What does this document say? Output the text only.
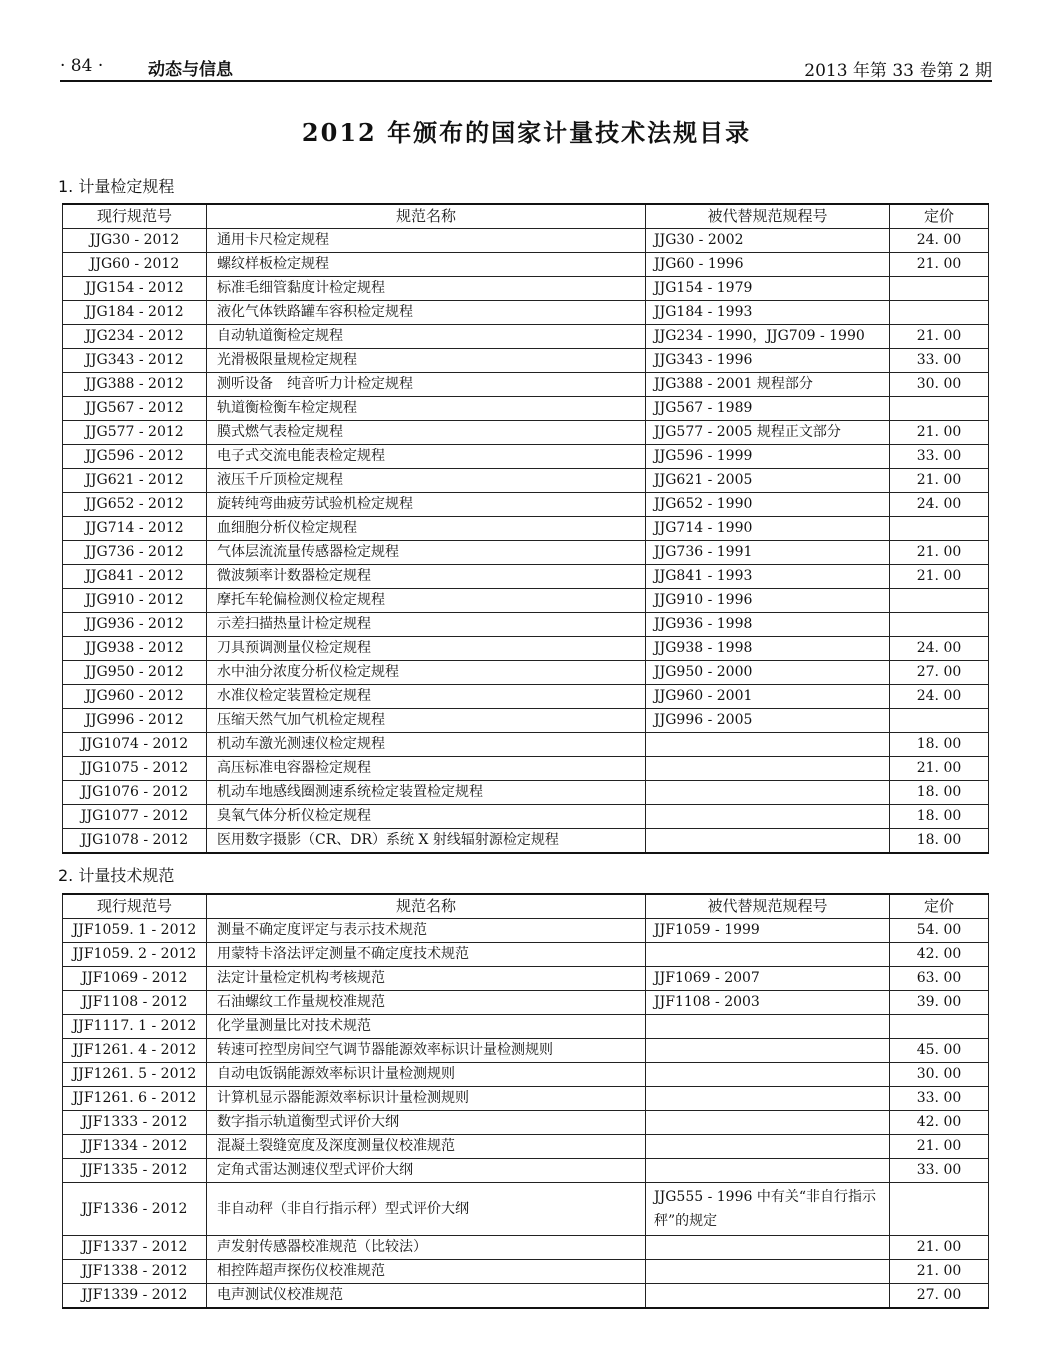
· 84 ·	动态与信息	2013 年第 33 卷第 2 期
2012 年颁布的国家计量技术法规目录
1. 计量检定规程
现行规范号	规范名称	被代替规范规程号	定价
JJG30 - 2012	通用卡尺检定规程	JJG30 - 2002	24. 00
JJG60 - 2012	螺纹样板检定规程	JJG60 - 1996	21. 00
JJG154 - 2012	标准毛细管黏度计检定规程	JJG154 - 1979	
JJG184 - 2012	液化气体铁路罐车容积检定规程	JJG184 - 1993	
JJG234 - 2012	自动轨道衡检定规程	JJG234 - 1990，JJG709 - 1990	21. 00
JJG343 - 2012	光滑极限量规检定规程	JJG343 - 1996	33. 00
JJG388 - 2012	测听设备　纯音听力计检定规程	JJG388 - 2001 规程部分	30. 00
JJG567 - 2012	轨道衡检衡车检定规程	JJG567 - 1989	
JJG577 - 2012	膜式燃气表检定规程	JJG577 - 2005 规程正文部分	21. 00
JJG596 - 2012	电子式交流电能表检定规程	JJG596 - 1999	33. 00
JJG621 - 2012	液压千斤顶检定规程	JJG621 - 2005	21. 00
JJG652 - 2012	旋转纯弯曲疲劳试验机检定规程	JJG652 - 1990	24. 00
JJG714 - 2012	血细胞分析仪检定规程	JJG714 - 1990	
JJG736 - 2012	气体层流流量传感器检定规程	JJG736 - 1991	21. 00
JJG841 - 2012	微波频率计数器检定规程	JJG841 - 1993	21. 00
JJG910 - 2012	摩托车轮偏检测仪检定规程	JJG910 - 1996	
JJG936 - 2012	示差扫描热量计检定规程	JJG936 - 1998	
JJG938 - 2012	刀具预调测量仪检定规程	JJG938 - 1998	24. 00
JJG950 - 2012	水中油分浓度分析仪检定规程	JJG950 - 2000	27. 00
JJG960 - 2012	水准仪检定装置检定规程	JJG960 - 2001	24. 00
JJG996 - 2012	压缩天然气加气机检定规程	JJG996 - 2005	
JJG1074 - 2012	机动车激光测速仪检定规程		18. 00
JJG1075 - 2012	高压标准电容器检定规程		21. 00
JJG1076 - 2012	机动车地感线圈测速系统检定装置检定规程		18. 00
JJG1077 - 2012	臭氧气体分析仪检定规程		18. 00
JJG1078 - 2012	医用数字摄影（CR、DR）系统 X 射线辐射源检定规程		18. 00
2. 计量技术规范
现行规范号	规范名称	被代替规范规程号	定价
JJF1059. 1 - 2012	测量不确定度评定与表示技术规范	JJF1059 - 1999	54. 00
JJF1059. 2 - 2012	用蒙特卡洛法评定测量不确定度技术规范		42. 00
JJF1069 - 2012	法定计量检定机构考核规范	JJF1069 - 2007	63. 00
JJF1108 - 2012	石油螺纹工作量规校准规范	JJF1108 - 2003	39. 00
JJF1117. 1 - 2012	化学量测量比对技术规范		
JJF1261. 4 - 2012	转速可控型房间空气调节器能源效率标识计量检测规则		45. 00
JJF1261. 5 - 2012	自动电饭锅能源效率标识计量检测规则		30. 00
JJF1261. 6 - 2012	计算机显示器能源效率标识计量检测规则		33. 00
JJF1333 - 2012	数字指示轨道衡型式评价大纲		42. 00
JJF1334 - 2012	混凝土裂缝宽度及深度测量仪校准规范		21. 00
JJF1335 - 2012	定角式雷达测速仪型式评价大纲		33. 00
JJF1336 - 2012	非自动秤（非自行指示秤）型式评价大纲	JJG555 - 1996 中有关“非自行指示秤”的规定	
JJF1337 - 2012	声发射传感器校准规范（比较法）		21. 00
JJF1338 - 2012	相控阵超声探伤仪校准规范		21. 00
JJF1339 - 2012	电声测试仪校准规范		27. 00
